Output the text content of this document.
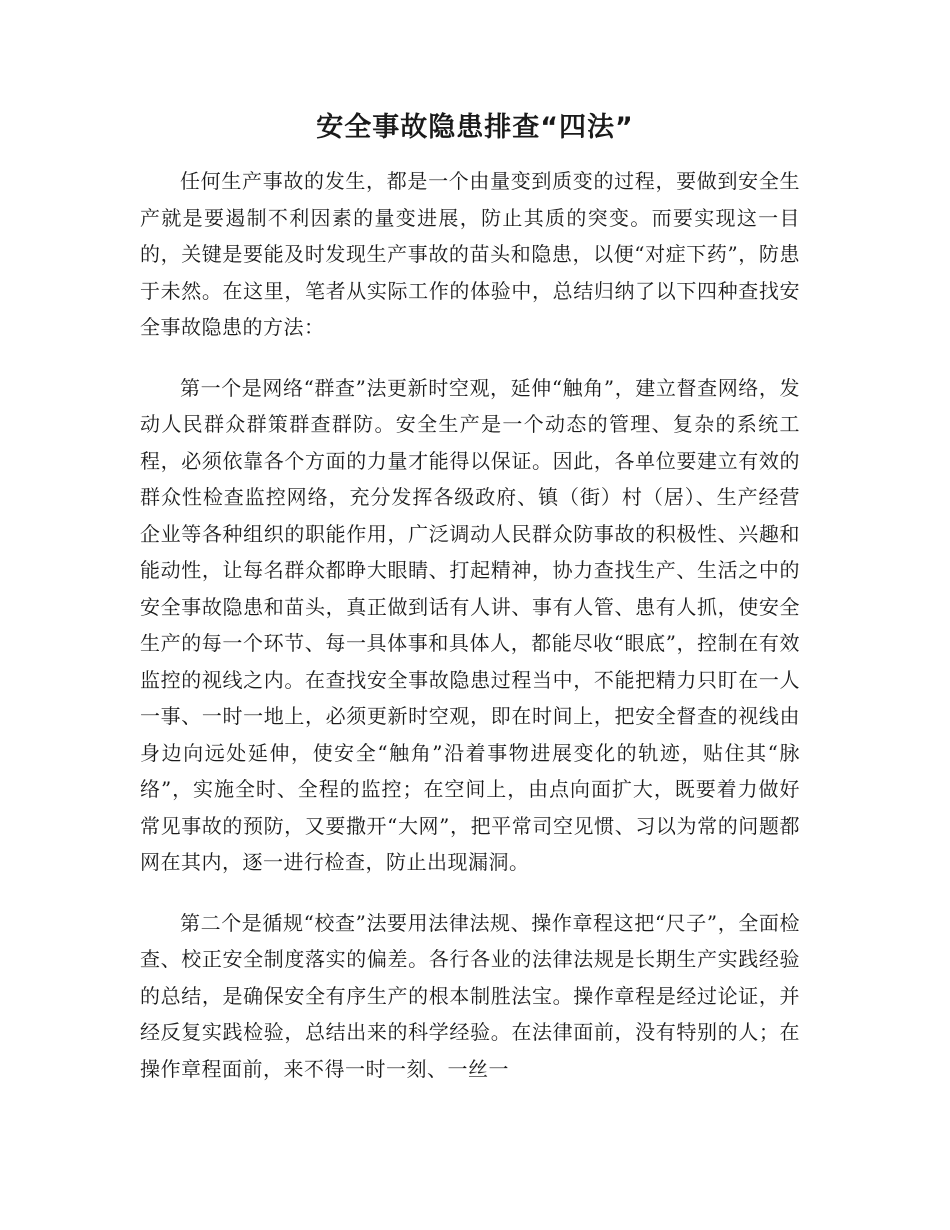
安全事故隐患排查“四法”

任何生产事故的发生，都是一个由量变到质变的过程，要做到安全生产就是要遏制不利因素的量变进展，防止其质的突变。而要实现这一目的，关键是要能及时发现生产事故的苗头和隐患，以便“对症下药”，防患于未然。在这里，笔者从实际工作的体验中，总结归纳了以下四种查找安全事故隐患的方法：

第一个是网络“群查”法更新时空观，延伸“触角”，建立督查网络，发动人民群众群策群查群防。安全生产是一个动态的管理、复杂的系统工程，必须依靠各个方面的力量才能得以保证。因此，各单位要建立有效的群众性检查监控网络，充分发挥各级政府、镇（街）村（居）、生产经营企业等各种组织的职能作用，广泛调动人民群众防事故的积极性、兴趣和能动性，让每名群众都睁大眼睛、打起精神，协力查找生产、生活之中的安全事故隐患和苗头，真正做到话有人讲、事有人管、患有人抓，使安全生产的每一个环节、每一具体事和具体人，都能尽收“眼底”，控制在有效监控的视线之内。在查找安全事故隐患过程当中，不能把精力只盯在一人一事、一时一地上，必须更新时空观，即在时间上，把安全督查的视线由身边向远处延伸，使安全“触角”沿着事物进展变化的轨迹，贴住其“脉络”，实施全时、全程的监控；在空间上，由点向面扩大，既要着力做好常见事故的预防，又要撒开“大网”，把平常司空见惯、习以为常的问题都网在其内，逐一进行检查，防止出现漏洞。

第二个是循规“校查”法要用法律法规、操作章程这把“尺子”，全面检查、校正安全制度落实的偏差。各行各业的法律法规是长期生产实践经验的总结，是确保安全有序生产的根本制胜法宝。操作章程是经过论证，并经反复实践检验，总结出来的科学经验。在法律面前，没有特别的人；在操作章程面前，来不得一时一刻、一丝一
